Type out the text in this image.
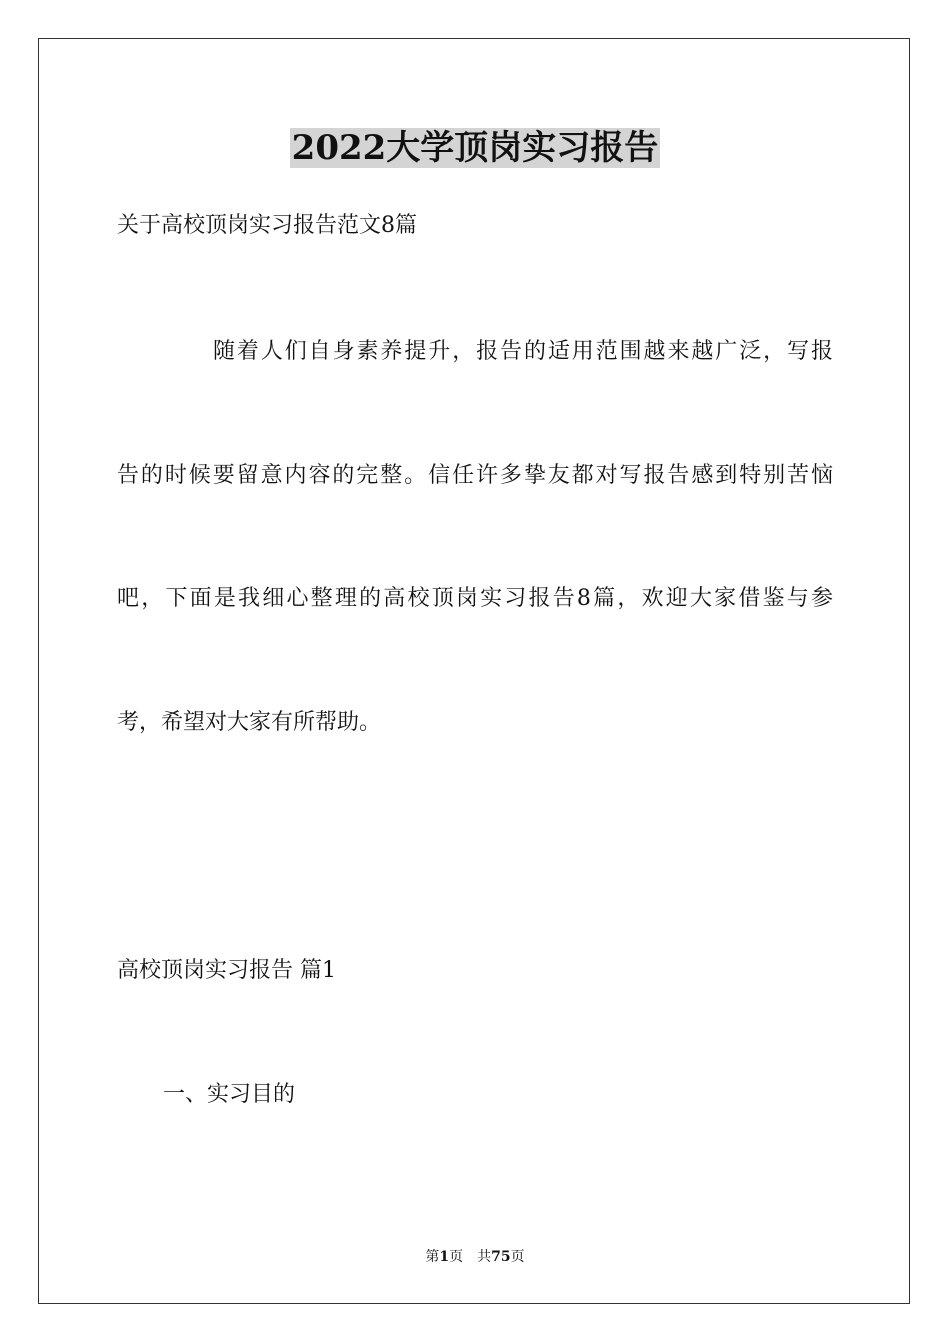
2022大学顶岗实习报告
关于高校顶岗实习报告范文8篇
随着人们自身素养提升，报告的适用范围越来越广泛，写报
告的时候要留意内容的完整。信任许多挚友都对写报告感到特别苦恼
吧，下面是我细心整理的高校顶岗实习报告8篇，欢迎大家借鉴与参
考，希望对大家有所帮助。
高校顶岗实习报告 篇1
一、实习目的
第1页 共75页
